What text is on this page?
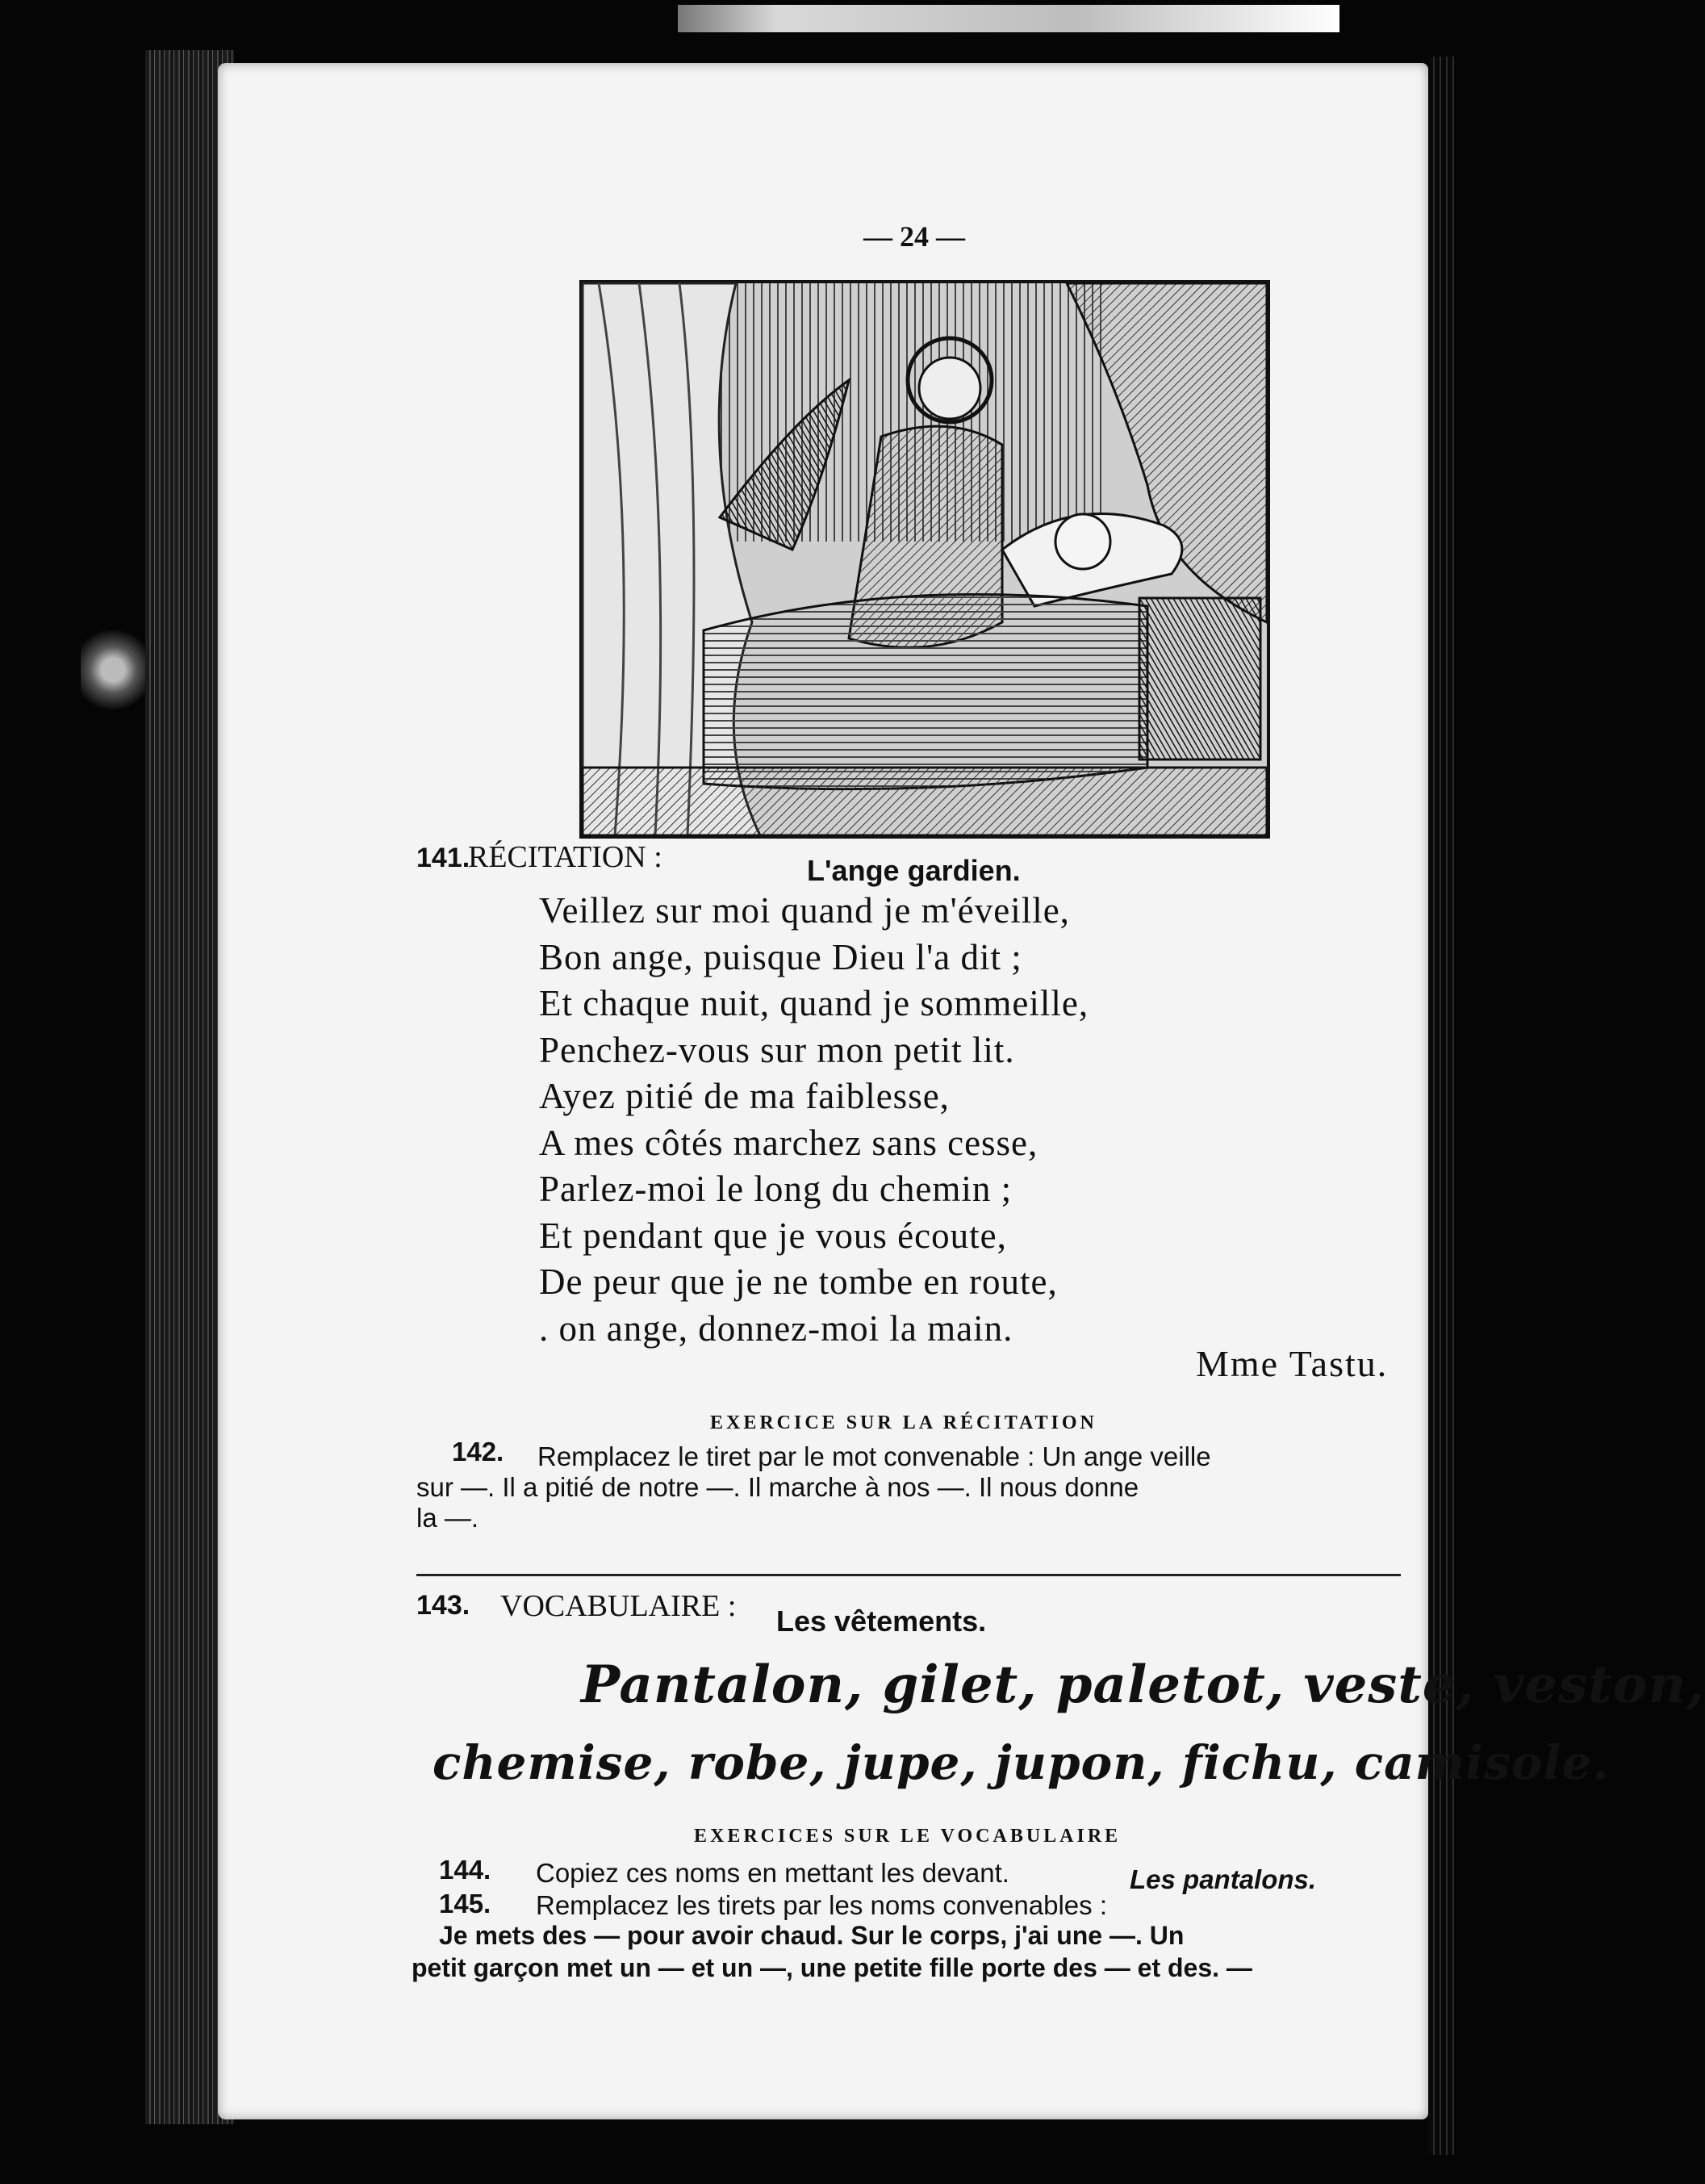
— 24 —
141.
RÉCITATION :	L'ange gardien.
Veillez sur moi quand je m'éveille,
Bon ange, puisque Dieu l'a dit ;
Et chaque nuit, quand je sommeille,
Penchez-vous sur mon petit lit.
Ayez pitié de ma faiblesse,
A mes côtés marchez sans cesse,
Parlez-moi le long du chemin ;
Et pendant que je vous écoute,
De peur que je ne tombe en route,
. on ange, donnez-moi la main.
Mme Tastu.
EXERCICE SUR LA RÉCITATION
142. Remplacez le tiret par le mot convenable : Un ange veille
sur —. Il a pitié de notre —. Il marche à nos —. Il nous donne
la —.
143. VOCABULAIRE : Les vêtements.
Pantalon, gilet, paletot, veste, veston,
chemise, robe, jupe, jupon, fichu, camisole.
EXERCICES SUR LE VOCABULAIRE
144. Copiez ces noms en mettant les devant.	Les pantalons.
145. Remplacez les tirets par les noms convenables :
Je mets des — pour avoir chaud. Sur le corps, j'ai une —. Un
petit garçon met un — et un —, une petite fille porte des — et des. —
